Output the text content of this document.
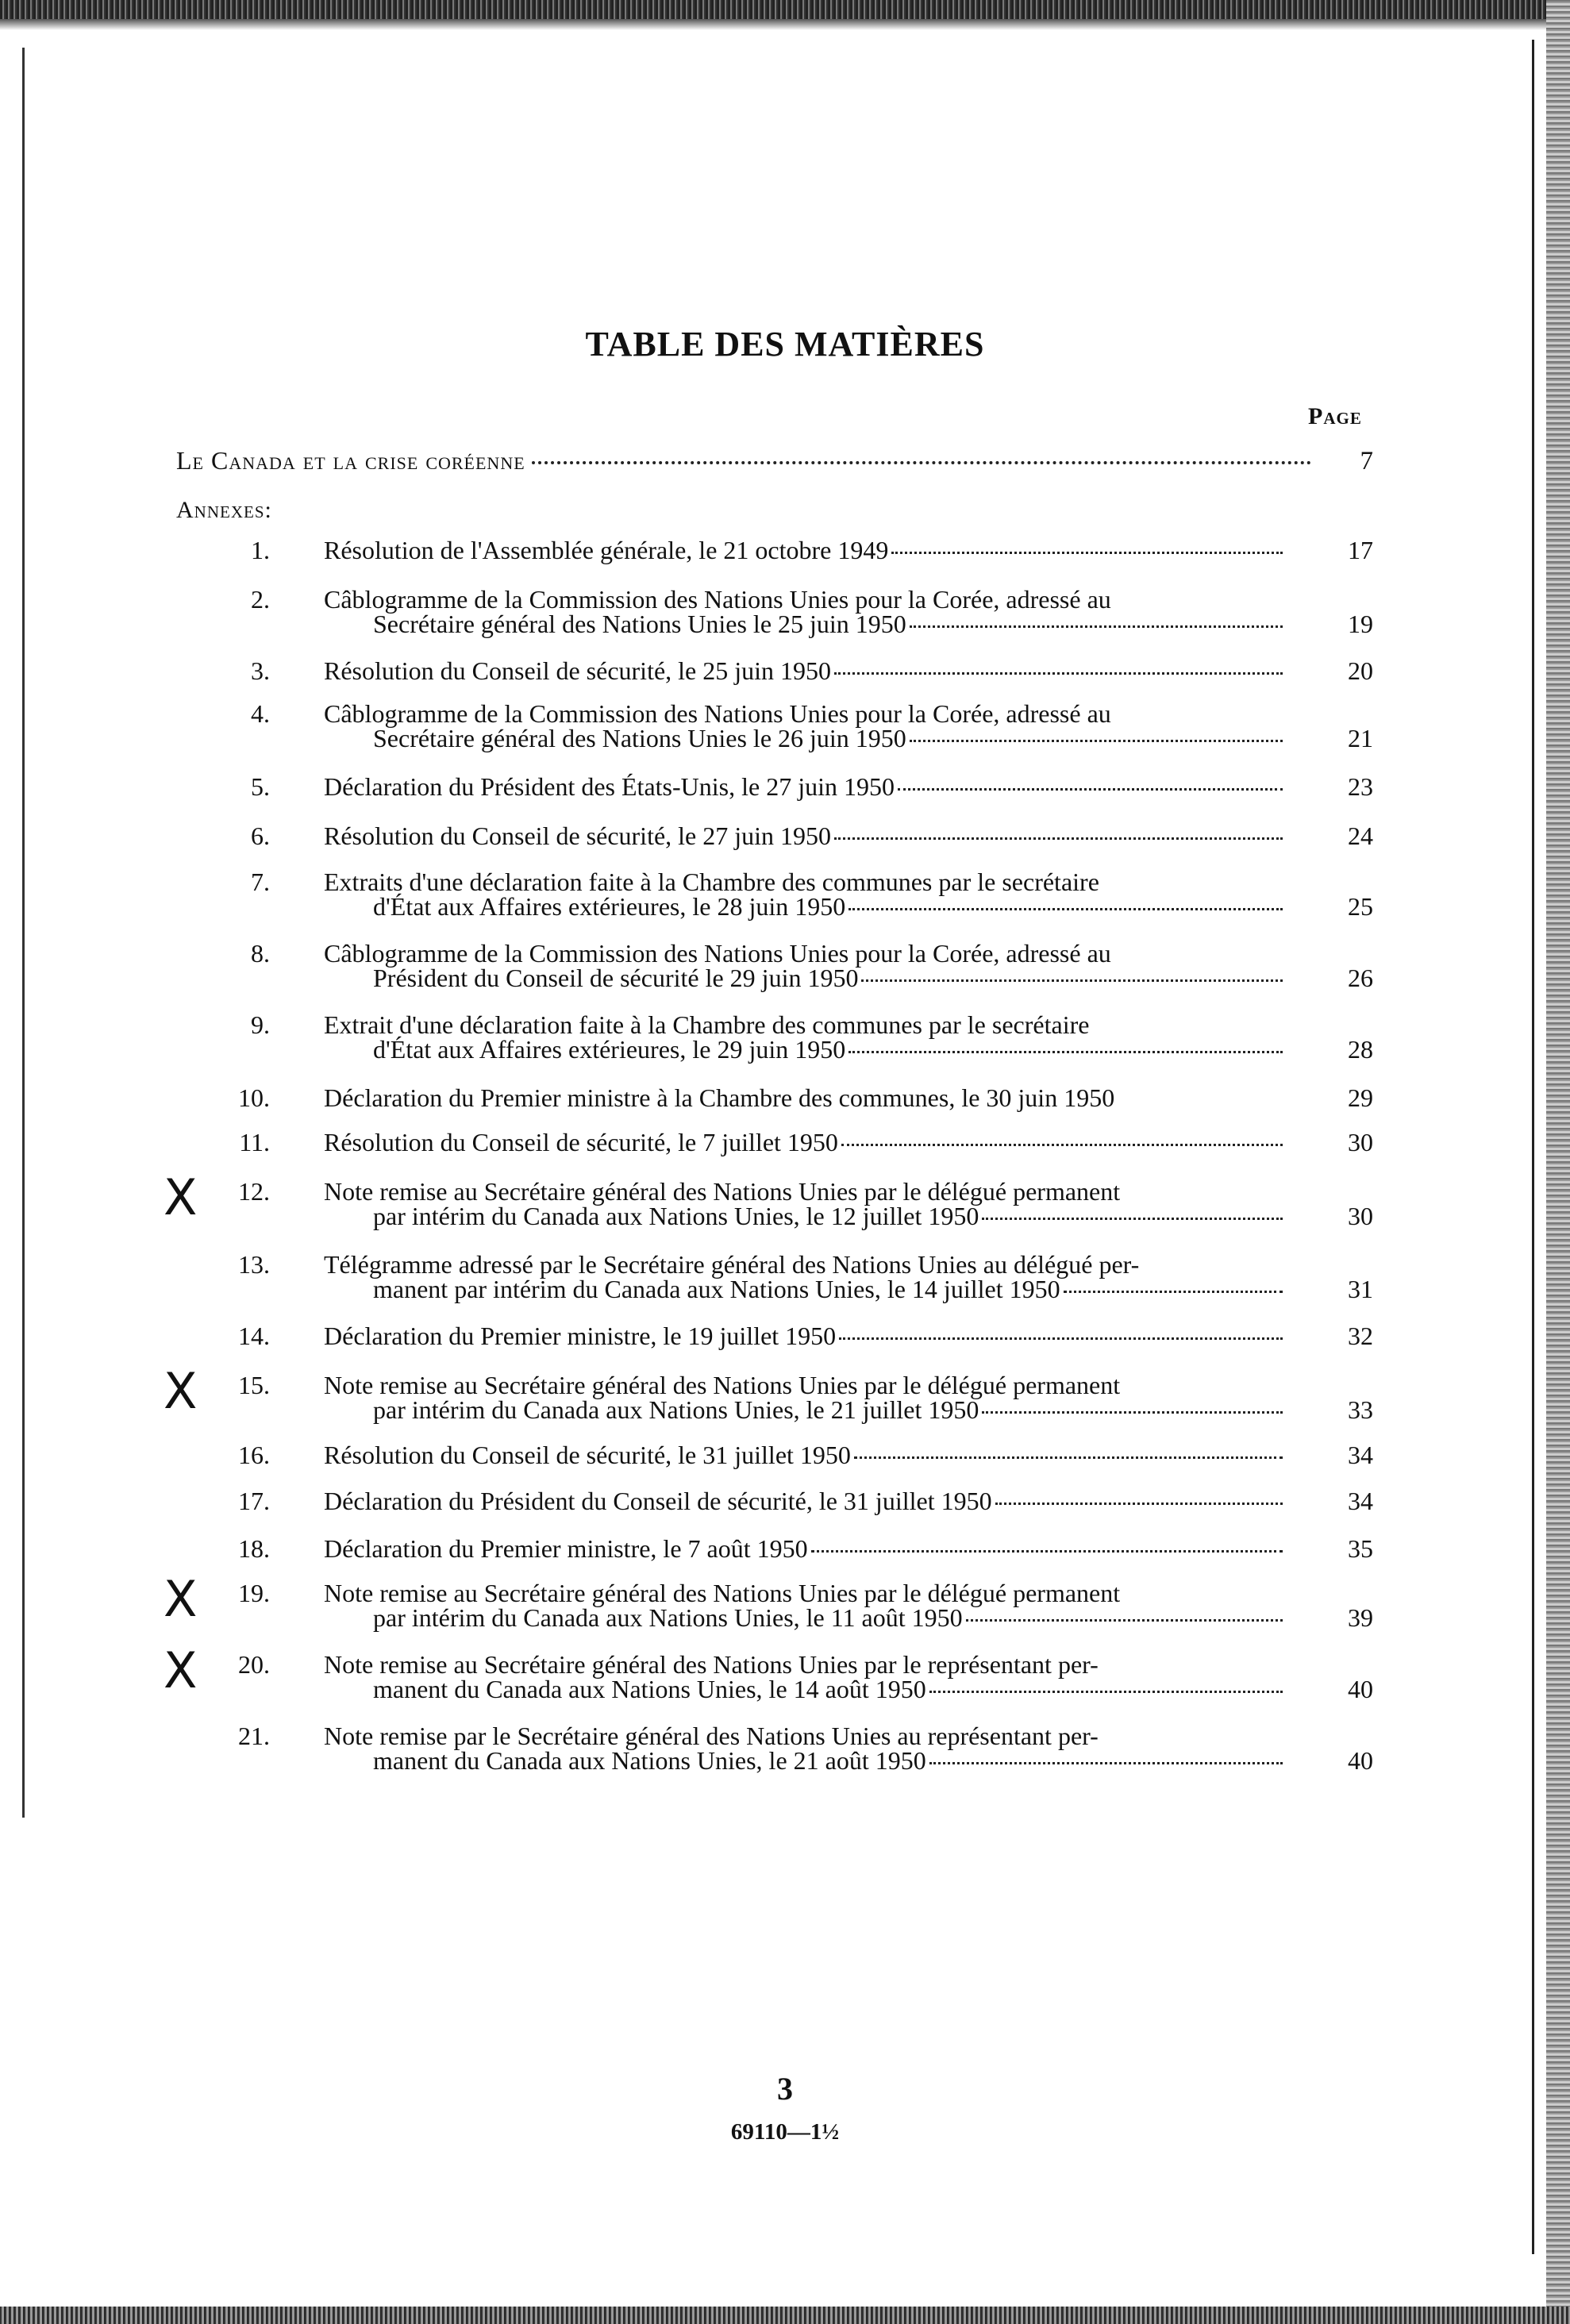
TABLE DES MATIÈRES
Page
Le Canada et la crise coréenne	7
Annexes:
1. Résolution de l'Assemblée générale, le 21 octobre 1949	17
2. Câblogramme de la Commission des Nations Unies pour la Corée, adressé au
Secrétaire général des Nations Unies le 25 juin 1950	19
3. Résolution du Conseil de sécurité, le 25 juin 1950	20
4. Câblogramme de la Commission des Nations Unies pour la Corée, adressé au
Secrétaire général des Nations Unies le 26 juin 1950	21
5. Déclaration du Président des États-Unis, le 27 juin 1950	23
6. Résolution du Conseil de sécurité, le 27 juin 1950	24
7. Extraits d'une déclaration faite à la Chambre des communes par le secrétaire
d'État aux Affaires extérieures, le 28 juin 1950	25
8. Câblogramme de la Commission des Nations Unies pour la Corée, adressé au
Président du Conseil de sécurité le 29 juin 1950	26
9. Extrait d'une déclaration faite à la Chambre des communes par le secrétaire
d'État aux Affaires extérieures, le 29 juin 1950	28
10. Déclaration du Premier ministre à la Chambre des communes, le 30 juin 1950	29
11. Résolution du Conseil de sécurité, le 7 juillet 1950	30
12. Note remise au Secrétaire général des Nations Unies par le délégué permanent
par intérim du Canada aux Nations Unies, le 12 juillet 1950	30
13. Télégramme adressé par le Secrétaire général des Nations Unies au délégué per-
manent par intérim du Canada aux Nations Unies, le 14 juillet 1950	31
14. Déclaration du Premier ministre, le 19 juillet 1950	32
15. Note remise au Secrétaire général des Nations Unies par le délégué permanent
par intérim du Canada aux Nations Unies, le 21 juillet 1950	33
16. Résolution du Conseil de sécurité, le 31 juillet 1950	34
17. Déclaration du Président du Conseil de sécurité, le 31 juillet 1950	34
18. Déclaration du Premier ministre, le 7 août 1950	35
19. Note remise au Secrétaire général des Nations Unies par le délégué permanent
par intérim du Canada aux Nations Unies, le 11 août 1950	39
20. Note remise au Secrétaire général des Nations Unies par le représentant per-
manent du Canada aux Nations Unies, le 14 août 1950	40
21. Note remise par le Secrétaire général des Nations Unies au représentant per-
manent du Canada aux Nations Unies, le 21 août 1950	40
3
69110—1½
X
X
X
X
